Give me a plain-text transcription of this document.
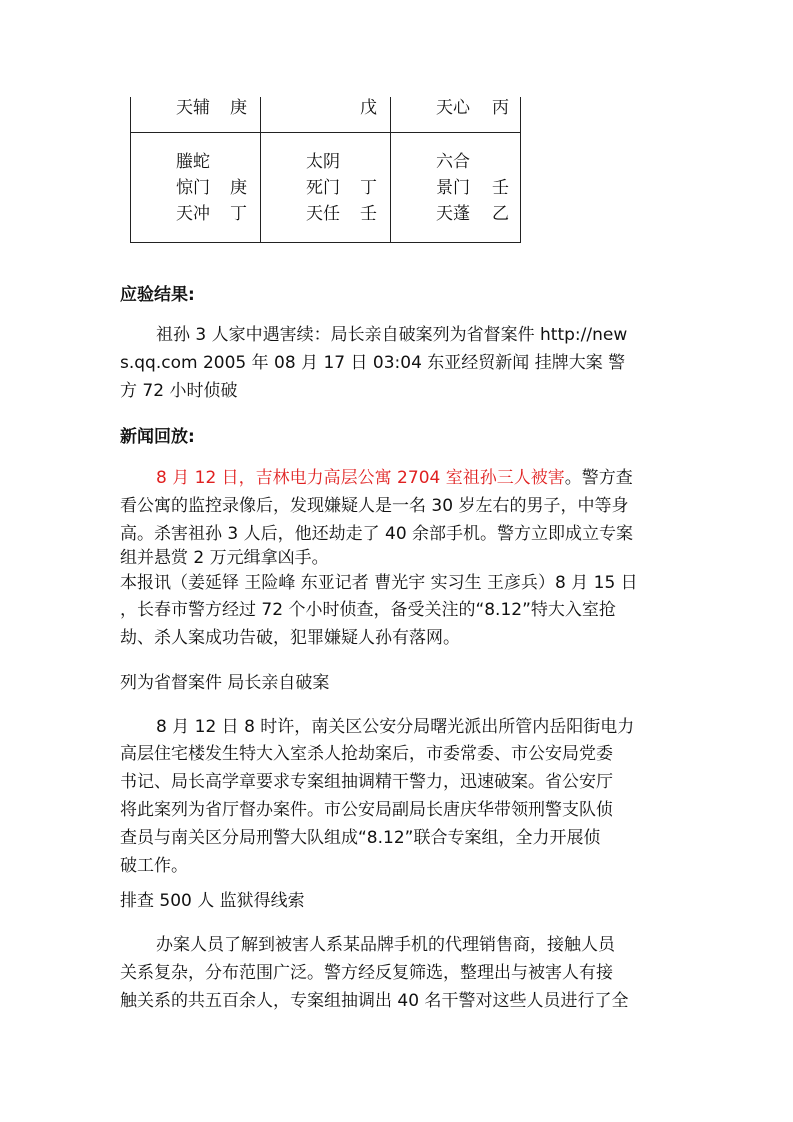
天辅 庚	戊	天心 丙
螣蛇
惊门 庚
天冲 丁
太阴
死门 丁
天任 壬
六合
景门 壬
天蓬 乙
应验结果:
祖孙 3 人家中遇害续：局长亲自破案列为省督案件 http://new
s.qq.com 2005 年 08 月 17 日 03:04 东亚经贸新闻 挂牌大案 警
方 72 小时侦破
新闻回放:
8 月 12 日，吉林电力高层公寓 2704 室祖孙三人被害。警方查
看公寓的监控录像后，发现嫌疑人是一名 30 岁左右的男子，中等身
高。杀害祖孙 3 人后，他还劫走了 40 余部手机。警方立即成立专案
组并悬赏 2 万元缉拿凶手。
本报讯（姜延铎 王险峰 东亚记者 曹光宇 实习生 王彦兵）8 月 15 日
，长春市警方经过 72 个小时侦查，备受关注的“8.12”特大入室抢
劫、杀人案成功告破，犯罪嫌疑人孙有落网。
列为省督案件 局长亲自破案
8 月 12 日 8 时许，南关区公安分局曙光派出所管内岳阳街电力
高层住宅楼发生特大入室杀人抢劫案后，市委常委、市公安局党委
书记、局长高学章要求专案组抽调精干警力，迅速破案。省公安厅
将此案列为省厅督办案件。市公安局副局长唐庆华带领刑警支队侦
查员与南关区分局刑警大队组成“8.12”联合专案组，全力开展侦
破工作。
排查 500 人 监狱得线索
办案人员了解到被害人系某品牌手机的代理销售商，接触人员
关系复杂，分布范围广泛。警方经反复筛选，整理出与被害人有接
触关系的共五百余人，专案组抽调出 40 名干警对这些人员进行了全
